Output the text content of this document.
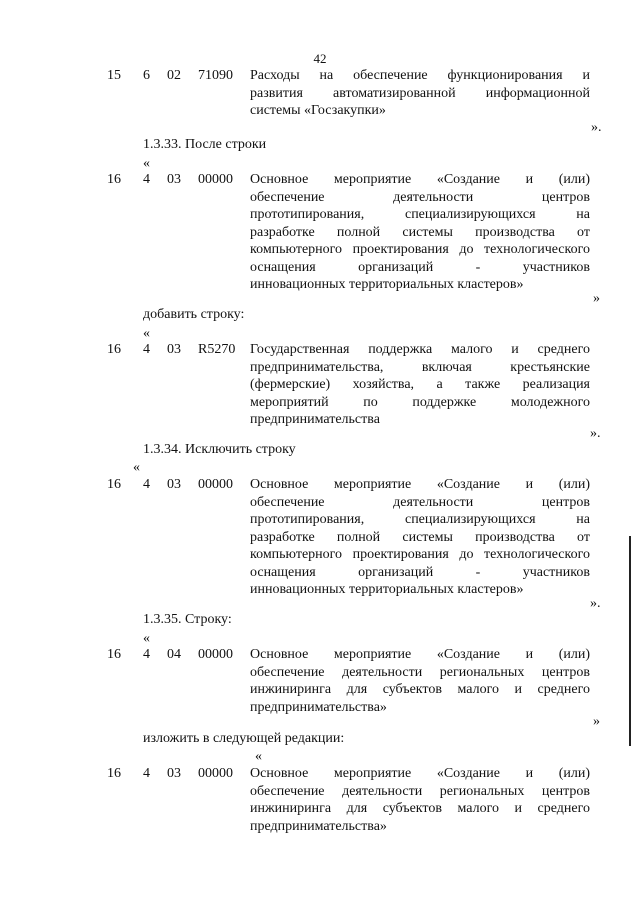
42
15 6 02 71090 Расходы на обеспечение функционирования и
развития автоматизированной информационной
системы «Госзакупки»
».
1.3.33. После строки
«
16 4 03 00000 Основное мероприятие «Создание и (или)
обеспечение деятельности центров
прототипирования, специализирующихся на
разработке полной системы производства от
компьютерного проектирования до технологического
оснащения организаций - участников
инновационных территориальных кластеров»
»
добавить строку:
«
16 4 03 R5270 Государственная поддержка малого и среднего
предпринимательства, включая крестьянские
(фермерские) хозяйства, а также реализация
мероприятий по поддержке молодежного
предпринимательства
».
1.3.34. Исключить строку
«
16 4 03 00000 Основное мероприятие «Создание и (или)
обеспечение деятельности центров
прототипирования, специализирующихся на
разработке полной системы производства от
компьютерного проектирования до технологического
оснащения организаций - участников
инновационных территориальных кластеров»
».
1.3.35. Строку:
«
16 4 04 00000 Основное мероприятие «Создание и (или)
обеспечение деятельности региональных центров
инжиниринга для субъектов малого и среднего
предпринимательства»
»
изложить в следующей редакции:
«
16 4 03 00000 Основное мероприятие «Создание и (или)
обеспечение деятельности региональных центров
инжиниринга для субъектов малого и среднего
предпринимательства»
